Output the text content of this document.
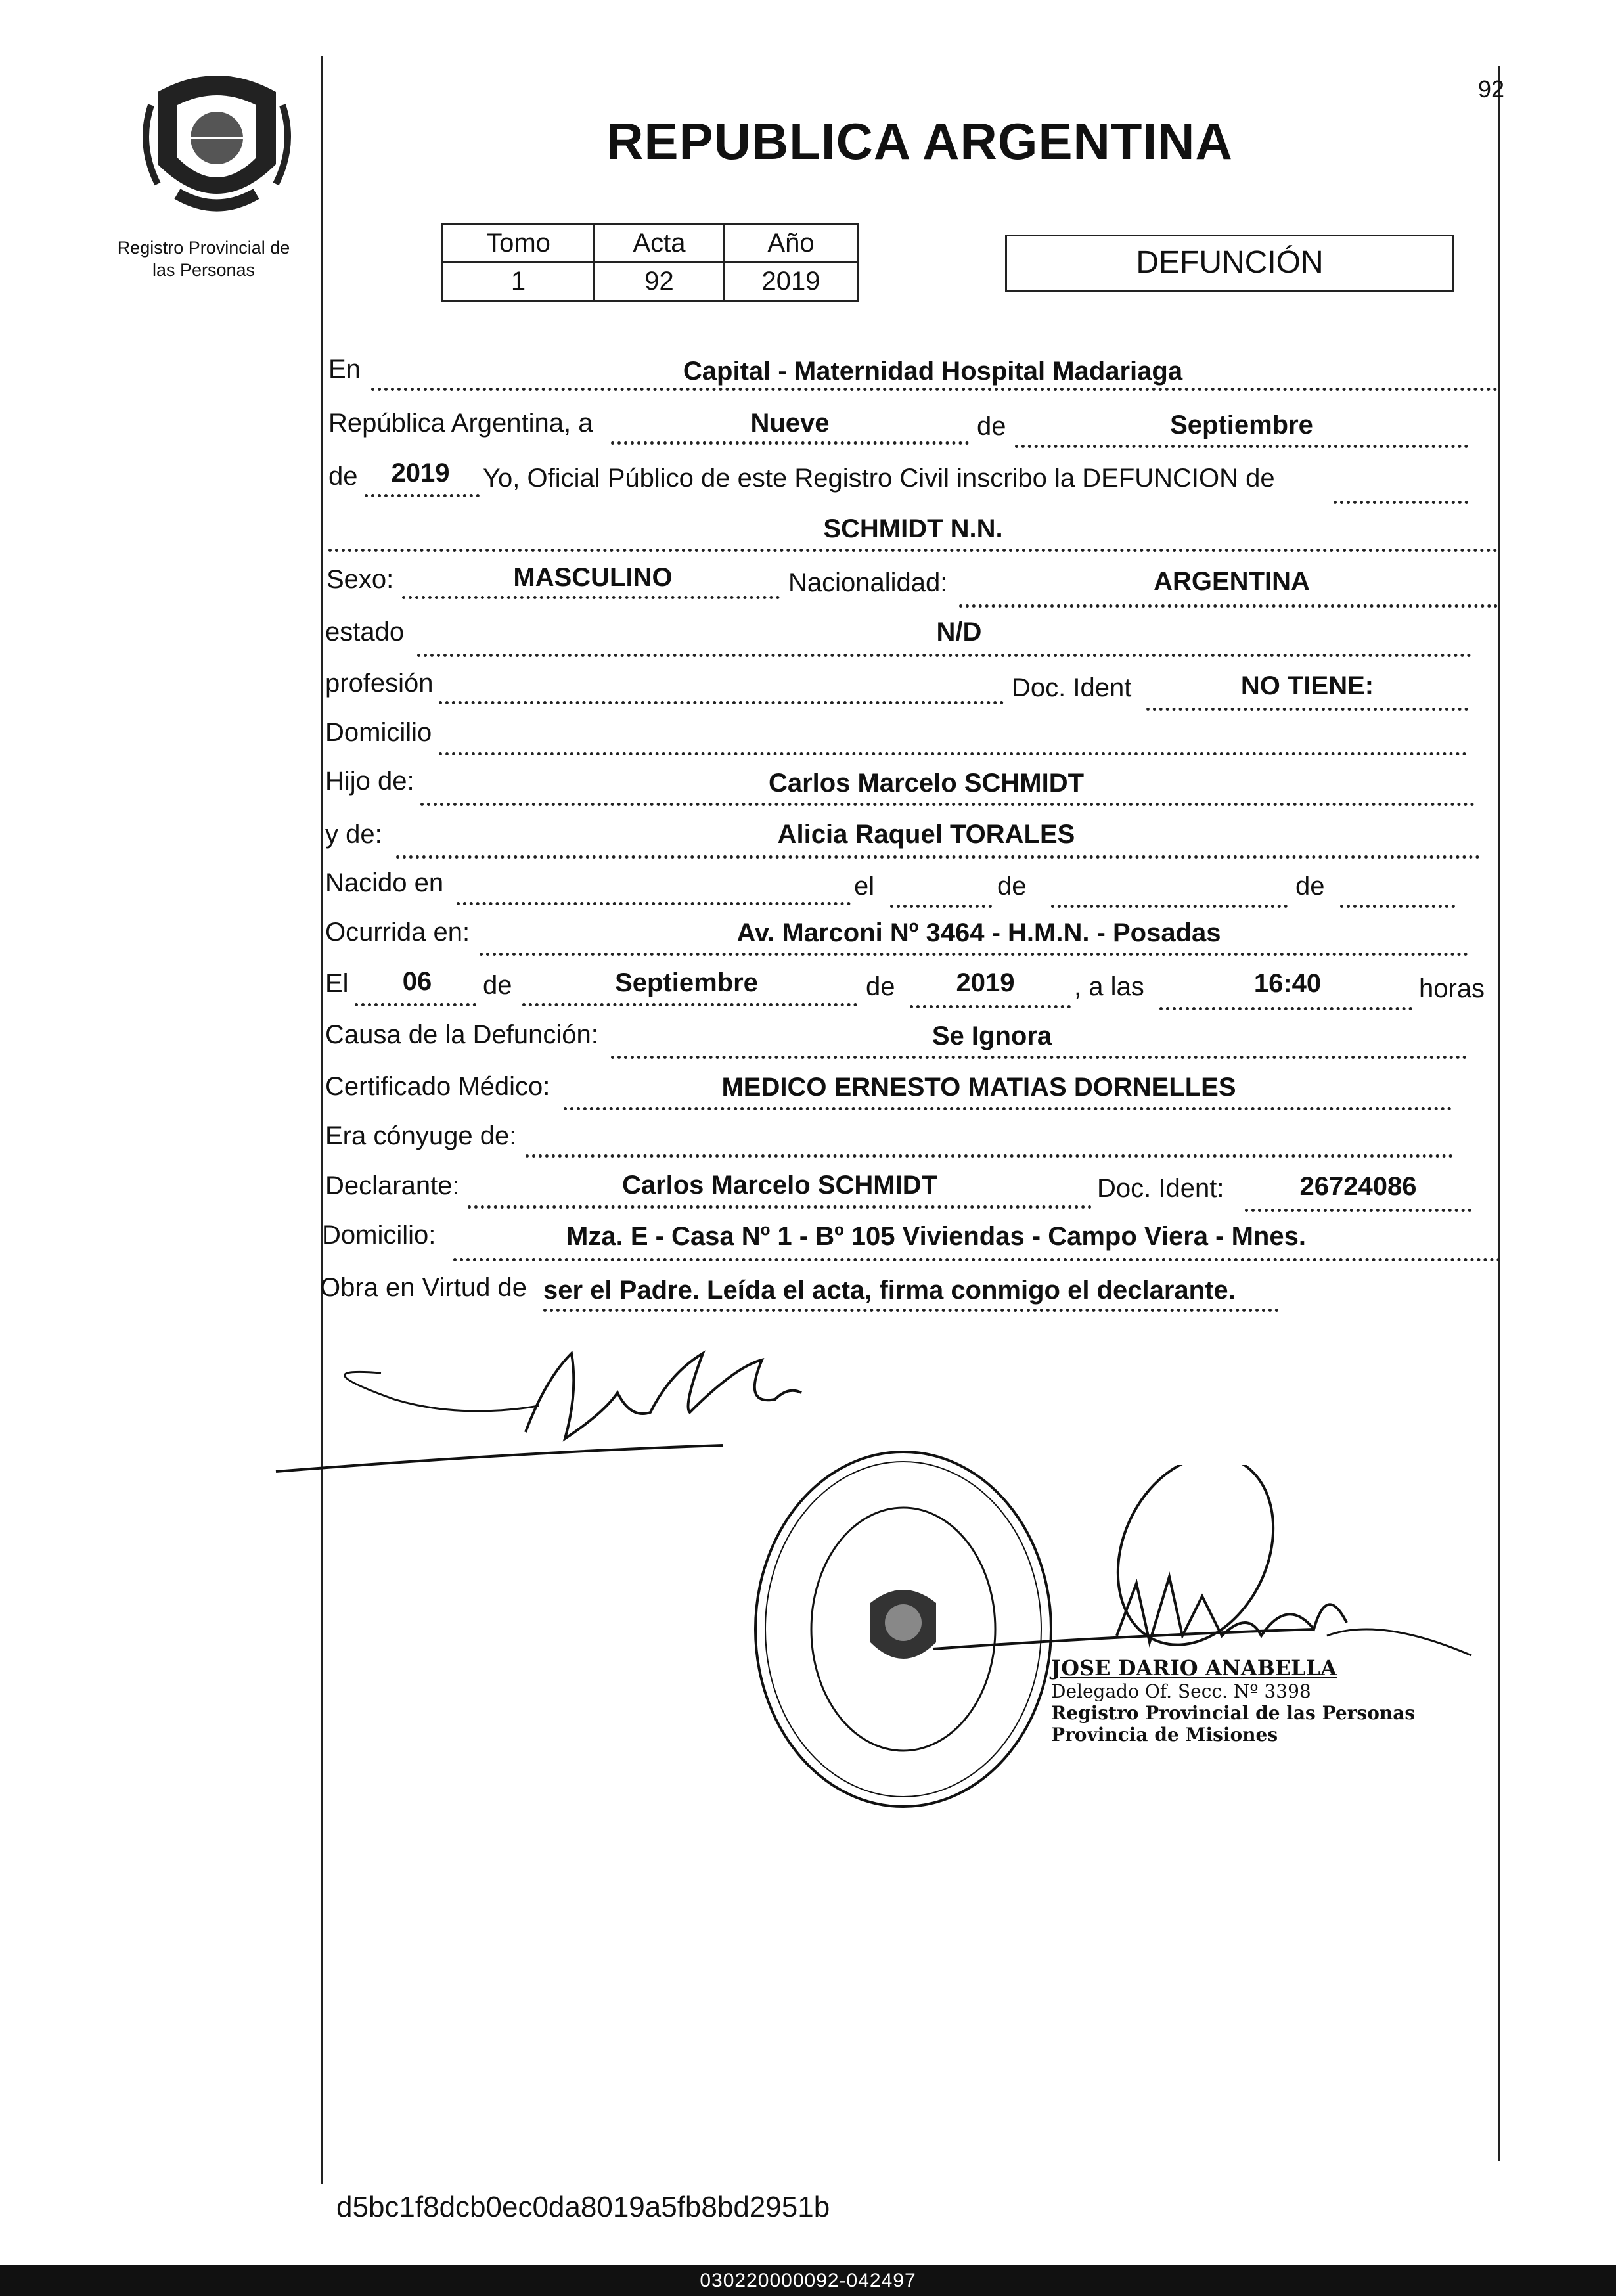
Registro Provincial de
las Personas
92
REPUBLICA ARGENTINA
Tomo	Acta	Año
1	92	2019
DEFUNCIÓN
En	Capital - Maternidad Hospital Madariaga
República Argentina, a	Nueve	de	Septiembre
de	2019	Yo, Oficial Público de este Registro Civil inscribo la DEFUNCION de
SCHMIDT N.N.
Sexo:	MASCULINO	Nacionalidad:	ARGENTINA
estado	N/D
profesión	Doc. Ident	NO TIENE:
Domicilio
Hijo de:	Carlos Marcelo SCHMIDT
y de:	Alicia Raquel TORALES
Nacido en	el	de	de
Ocurrida en:	Av. Marconi Nº 3464 - H.M.N. - Posadas
El	06	de	Septiembre	de	2019	, a las	16:40	horas
Causa de la Defunción:	Se Ignora
Certificado Médico:	MEDICO ERNESTO MATIAS DORNELLES
Era cónyuge de:
Declarante:	Carlos Marcelo SCHMIDT	Doc. Ident:	26724086
Domicilio:	Mza. E - Casa Nº 1 - Bº 105 Viviendas - Campo Viera - Mnes.
Obra en Virtud de ser el Padre. Leída el acta, firma conmigo el declarante.
JOSE DARIO ANABELLA
Delegado Of. Secc. Nº 3398
Registro Provincial de las Personas
Provincia de Misiones
d5bc1f8dcb0ec0da8019a5fb8bd2951b
030220000092-042497
